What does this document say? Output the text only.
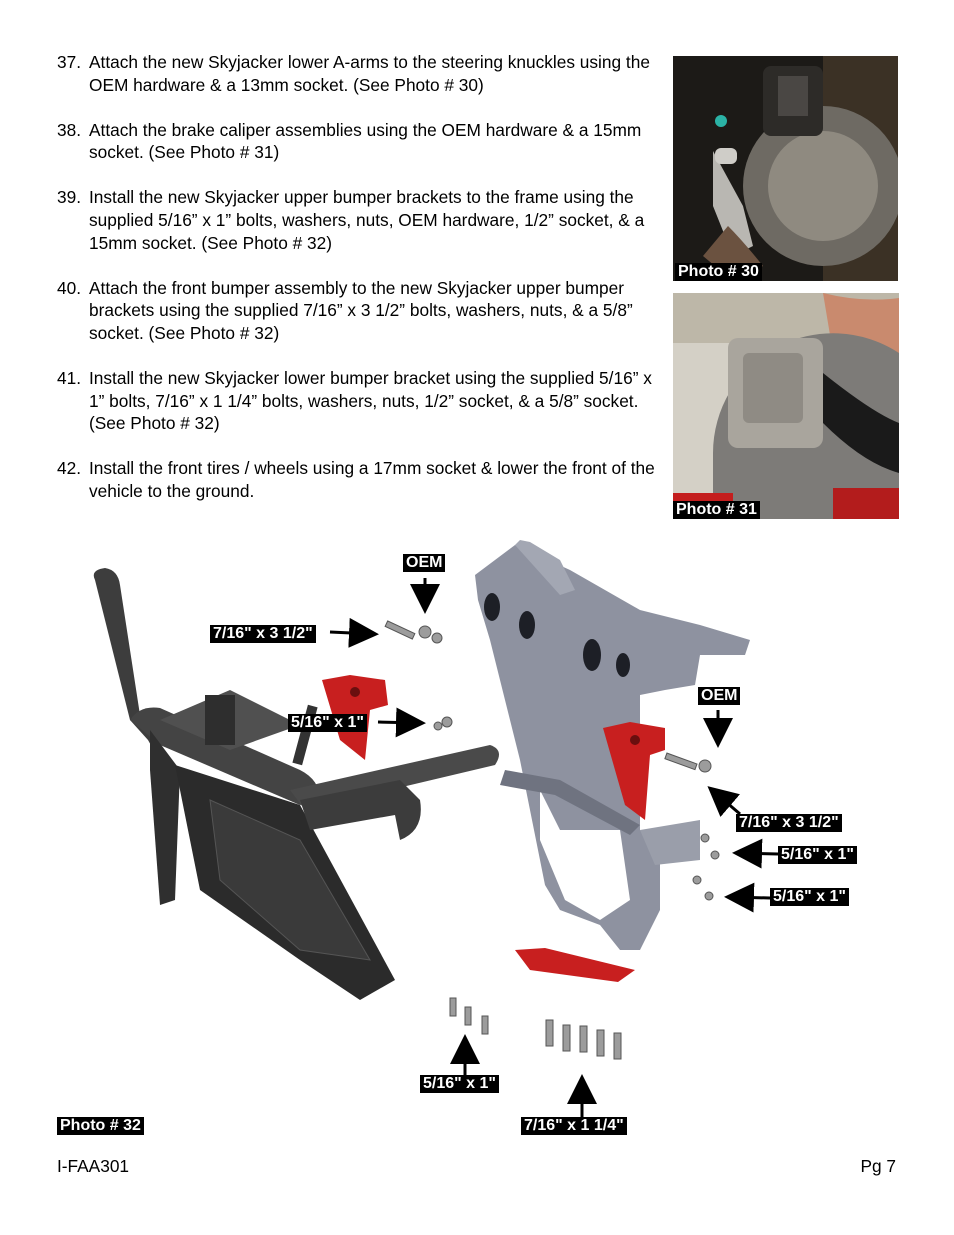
37. Attach the new Skyjacker lower A-arms to the steering knuckles using the OEM hardware & a 13mm socket. (See Photo # 30)
38. Attach the brake caliper assemblies using the OEM hardware & a 15mm socket. (See Photo # 31)
39. Install the new Skyjacker upper bumper brackets to the frame using the supplied 5/16” x 1” bolts, washers, nuts, OEM hardware, 1/2” socket, & a 15mm socket. (See Photo # 32)
40. Attach the front bumper assembly to the new Skyjacker upper bumper brackets using the supplied 7/16” x 3 1/2” bolts, washers, nuts, & a 5/8” socket. (See Photo # 32)
41. Install the new Skyjacker lower bumper bracket using the supplied 5/16” x 1” bolts, 7/16” x 1 1/4” bolts, washers, nuts, 1/2” socket, & a 5/8” socket. (See Photo # 32)
42. Install the front tires / wheels using a 17mm socket & lower the front of the vehicle to the ground.
Photo # 30
Photo # 31
OEM
7/16" x 3 1/2"
5/16" x 1"
OEM
7/16" x 3 1/2"
5/16" x 1"
5/16" x 1"
5/16" x 1"
7/16" x 1 1/4"
Photo # 32
I-FAA301	Pg 7
